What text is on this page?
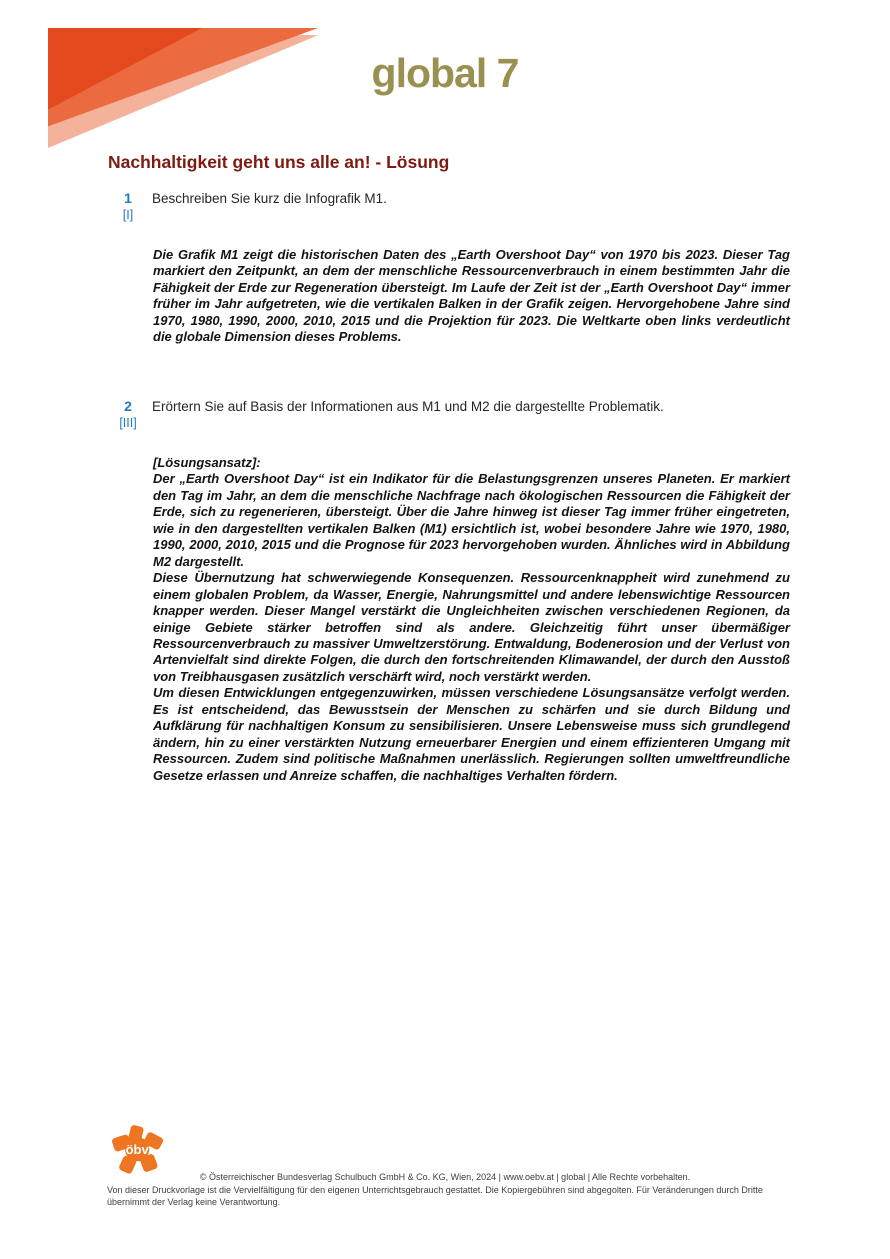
global 7
Nachhaltigkeit geht uns alle an! - Lösung
1
[I]
Beschreiben Sie kurz die Infografik M1.

Die Grafik M1 zeigt die historischen Daten des „Earth Overshoot Day“ von 1970 bis 2023. Dieser Tag markiert den Zeitpunkt, an dem der menschliche Ressourcenverbrauch in einem bestimmten Jahr die Fähigkeit der Erde zur Regeneration übersteigt. Im Laufe der Zeit ist der „Earth Overshoot Day“ immer früher im Jahr aufgetreten, wie die vertikalen Balken in der Grafik zeigen. Hervorgehobene Jahre sind 1970, 1980, 1990, 2000, 2010, 2015 und die Projektion für 2023. Die Weltkarte oben links verdeutlicht die globale Dimension dieses Problems.

2
[III]
Erörtern Sie auf Basis der Informationen aus M1 und M2 die dargestellte Problematik.

[Lösungsansatz]:

Der „Earth Overshoot Day“ ist ein Indikator für die Belastungsgrenzen unseres Planeten. Er markiert den Tag im Jahr, an dem die menschliche Nachfrage nach ökologischen Ressourcen die Fähigkeit der Erde, sich zu regenerieren, übersteigt. Über die Jahre hinweg ist dieser Tag immer früher eingetreten, wie in den dargestellten vertikalen Balken (M1) ersichtlich ist, wobei besondere Jahre wie 1970, 1980, 1990, 2000, 2010, 2015 und die Prognose für 2023 hervorgehoben wurden. Ähnliches wird in Abbildung M2 dargestellt.

Diese Übernutzung hat schwerwiegende Konsequenzen. Ressourcenknappheit wird zunehmend zu einem globalen Problem, da Wasser, Energie, Nahrungsmittel und andere lebenswichtige Ressourcen knapper werden. Dieser Mangel verstärkt die Ungleichheiten zwischen verschiedenen Regionen, da einige Gebiete stärker betroffen sind als andere. Gleichzeitig führt unser übermäßiger Ressourcenverbrauch zu massiver Umweltzerstörung. Entwaldung, Bodenerosion und der Verlust von Artenvielfalt sind direkte Folgen, die durch den fortschreitenden Klimawandel, der durch den Ausstoß von Treibhausgasen zusätzlich verschärft wird, noch verstärkt werden.

Um diesen Entwicklungen entgegenzuwirken, müssen verschiedene Lösungsansätze verfolgt werden. Es ist entscheidend, das Bewusstsein der Menschen zu schärfen und sie durch Bildung und Aufklärung für nachhaltigen Konsum zu sensibilisieren. Unsere Lebensweise muss sich grundlegend ändern, hin zu einer verstärkten Nutzung erneuerbarer Energien und einem effizienteren Umgang mit Ressourcen. Zudem sind politische Maßnahmen unerlässlich. Regierungen sollten umweltfreundliche Gesetze erlassen und Anreize schaffen, die nachhaltiges Verhalten fördern.

öbv
© Österreichischer Bundesverlag Schulbuch GmbH & Co. KG, Wien, 2024 | www.oebv.at | global | Alle Rechte vorbehalten.
Von dieser Druckvorlage ist die Vervielfältigung für den eigenen Unterrichtsgebrauch gestattet. Die Kopiergebühren sind abgegolten. Für Veränderungen durch Dritte übernimmt der Verlag keine Verantwortung.
